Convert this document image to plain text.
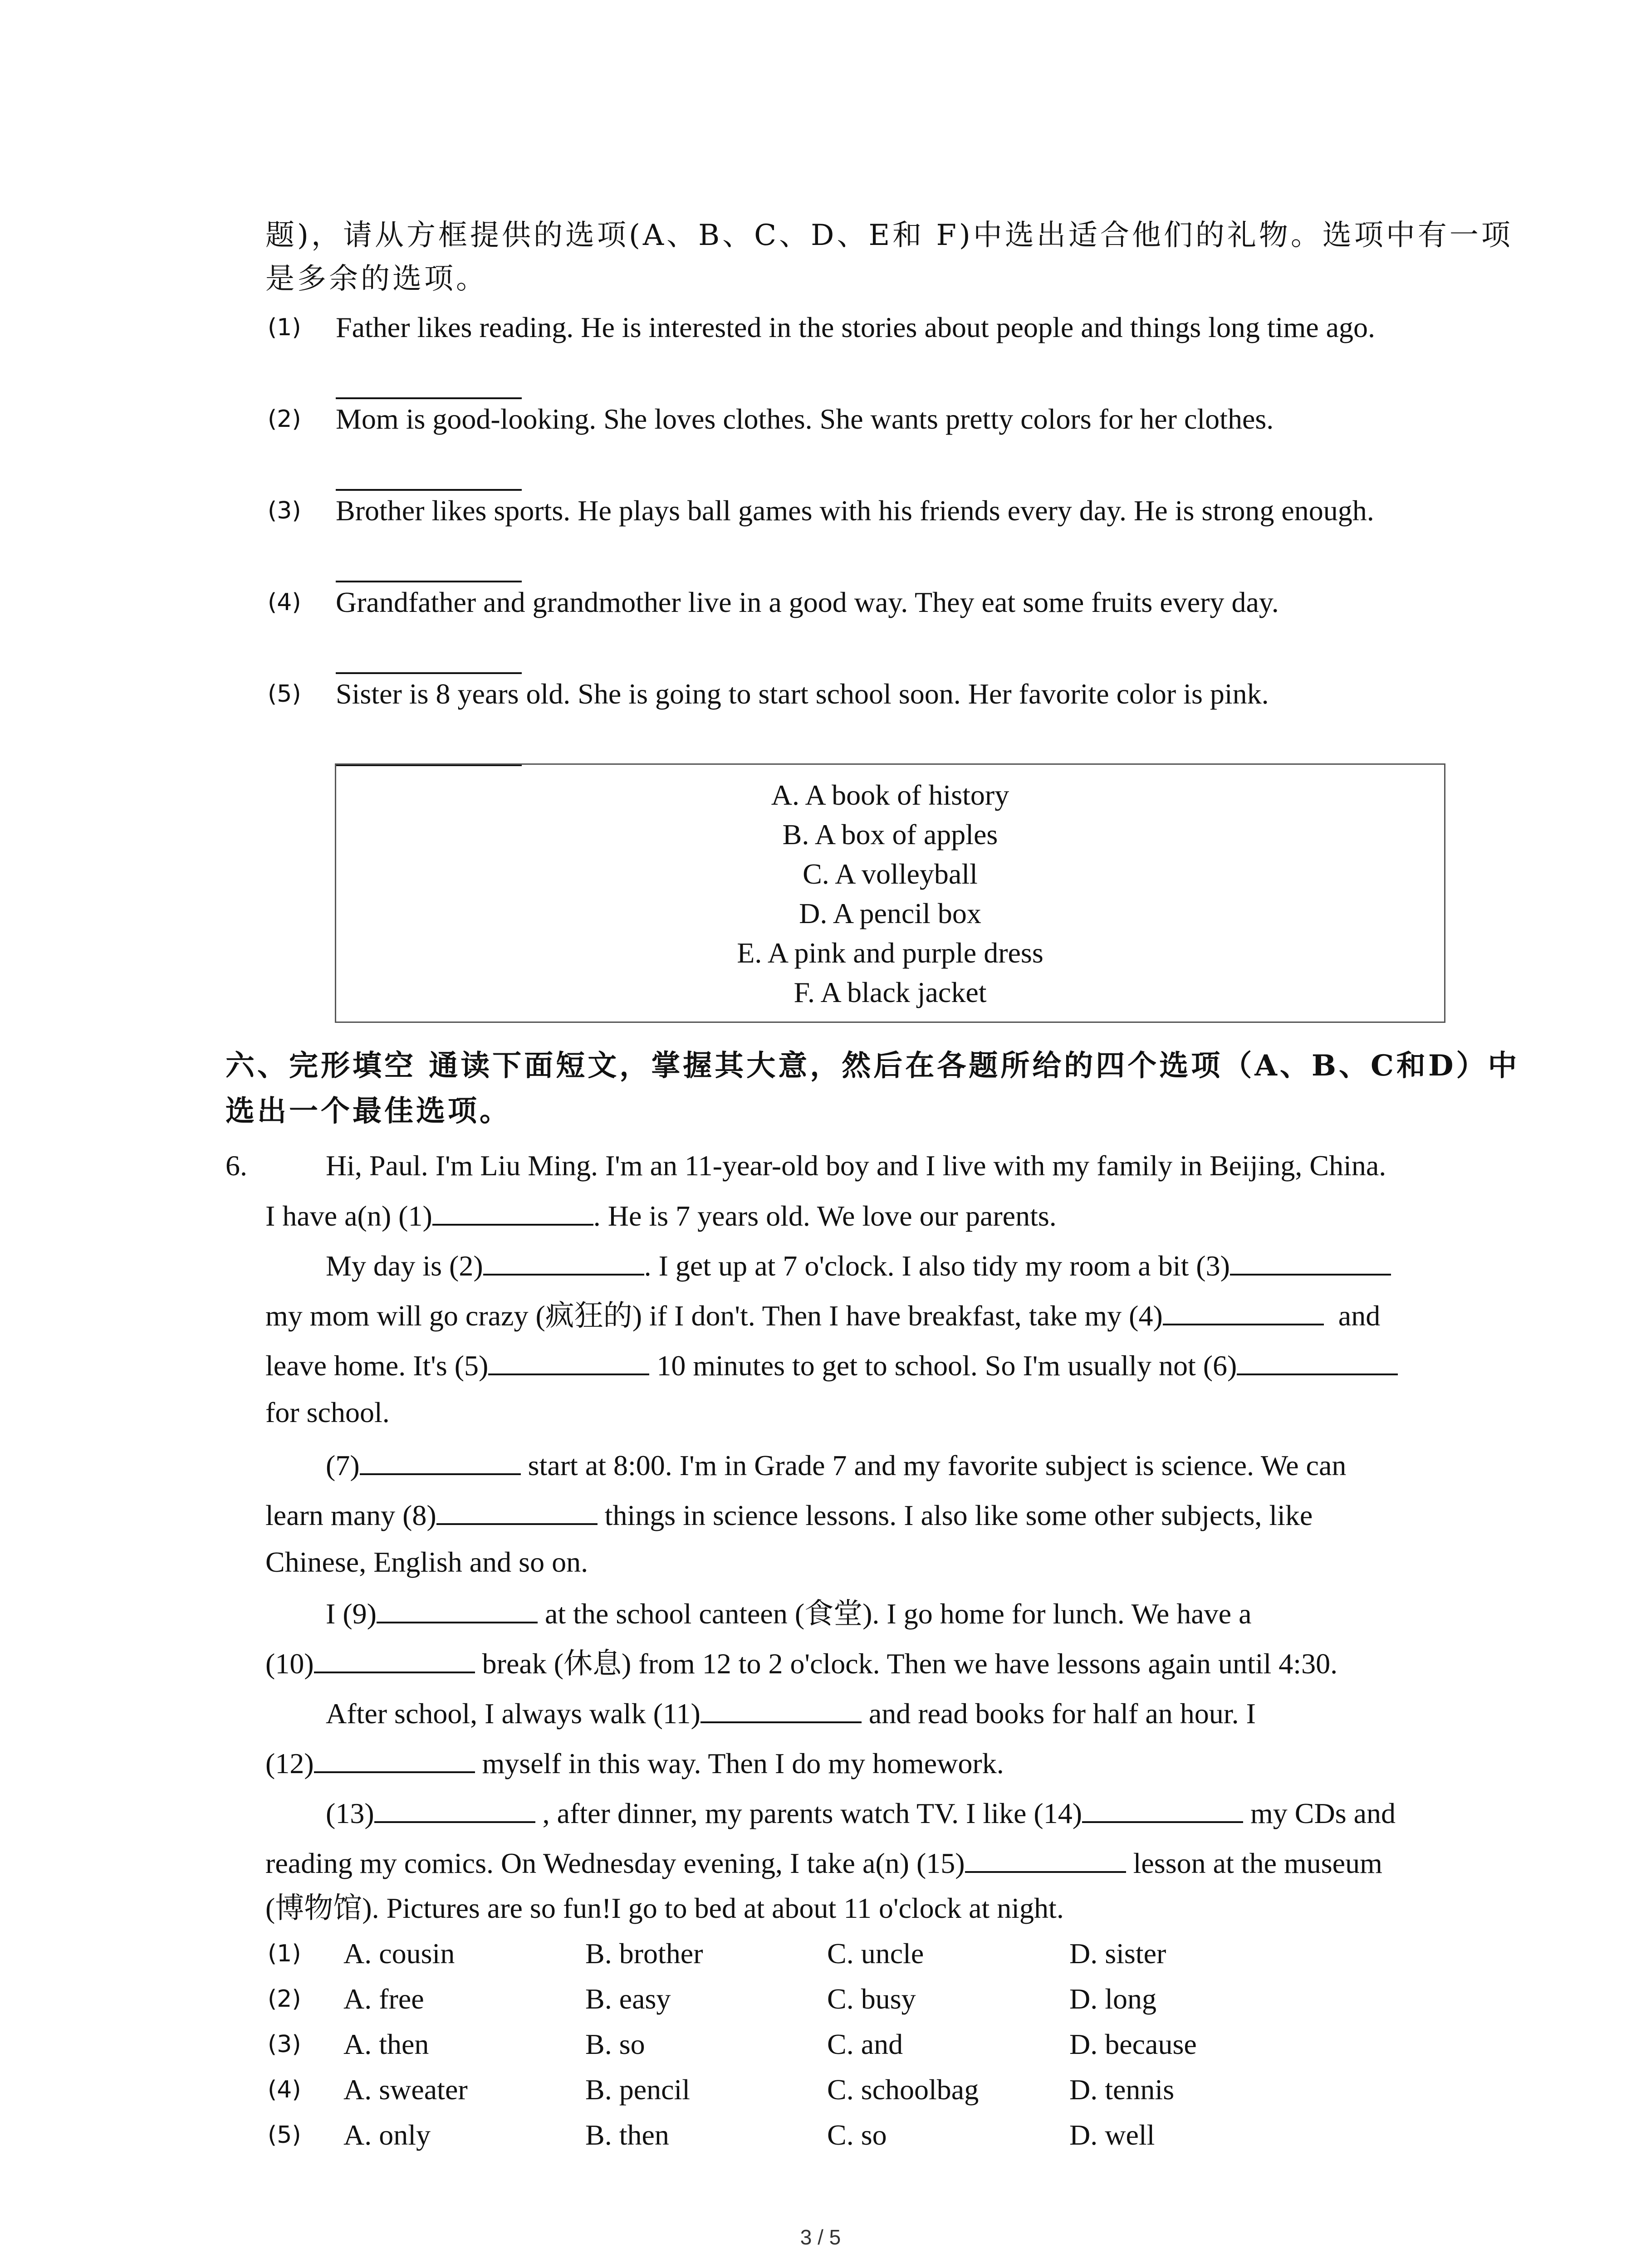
题)，请从方框提供的选项(A、B、C、D、E和 F)中选出适合他们的礼物。选项中有一项
是多余的选项。
(1) Father likes reading. He is interested in the stories about people and things long time ago.
(2) Mom is good-looking. She loves clothes. She wants pretty colors for her clothes.
(3) Brother likes sports. He plays ball games with his friends every day. He is strong enough.
(4) Grandfather and grandmother live in a good way. They eat some fruits every day.
(5) Sister is 8 years old. She is going to start school soon. Her favorite color is pink.
A. A book of history
B. A box of apples
C. A volleyball
D. A pencil box
E. A pink and purple dress
F. A black jacket
六、完形填空 通读下面短文，掌握其大意，然后在各题所给的四个选项（A、B、C和D）中
选出一个最佳选项。
6.	Hi, Paul. I'm Liu Ming. I'm an 11-year-old boy and I live with my family in Beijing, China.
I have a(n) (1)	. He is 7 years old. We love our parents.
My day is (2)	. I get up at 7 o'clock. I also tidy my room a bit (3)
my mom will go crazy (疯狂的) if I don't. Then I have breakfast, take my (4)	and
leave home. It's (5)	10 minutes to get to school. So I'm usually not (6)
for school.
(7)	start at 8:00. I'm in Grade 7 and my favorite subject is science. We can
learn many (8)	things in science lessons. I also like some other subjects, like
Chinese, English and so on.
I (9)	at the school canteen (食堂). I go home for lunch. We have a
(10)	break (休息) from 12 to 2 o'clock. Then we have lessons again until 4:30.
After school, I always walk (11)	and read books for half an hour. I
(12)	myself in this way. Then I do my homework.
(13)	, after dinner, my parents watch TV. I like (14)	my CDs and
reading my comics. On Wednesday evening, I take a(n) (15)	lesson at the museum
(博物馆). Pictures are so fun!I go to bed at about 11 o'clock at night.
(1) A. cousin	B. brother	C. uncle	D. sister
(2) A. free	B. easy	C. busy	D. long
(3) A. then	B. so	C. and	D. because
(4) A. sweater	B. pencil	C. schoolbag	D. tennis
(5) A. only	B. then	C. so	D. well
3 / 5
